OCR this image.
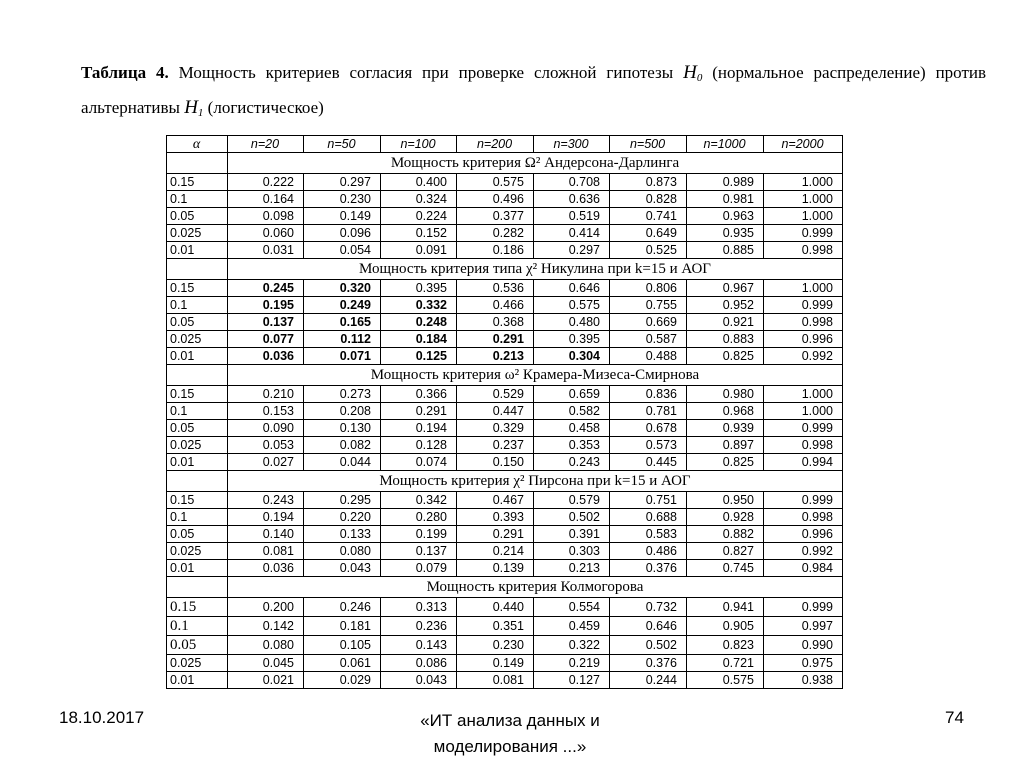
Таблица 4. Мощность критериев согласия при проверке сложной гипотезы $H_0$ (нормальное распределение) против альтернативы $H_1$ (логистическое)
α	n=20	n=50	n=100	n=200	n=300	n=500	n=1000	n=2000
	Мощность критерия Ω² Андерсона-Дарлинга							
0.15	0.222	0.297	0.400	0.575	0.708	0.873	0.989	1.000
0.1	0.164	0.230	0.324	0.496	0.636	0.828	0.981	1.000
0.05	0.098	0.149	0.224	0.377	0.519	0.741	0.963	1.000
0.025	0.060	0.096	0.152	0.282	0.414	0.649	0.935	0.999
0.01	0.031	0.054	0.091	0.186	0.297	0.525	0.885	0.998
	Мощность критерия типа χ² Никулина при k=15 и АОГ							
0.15	0.245	0.320	0.395	0.536	0.646	0.806	0.967	1.000
0.1	0.195	0.249	0.332	0.466	0.575	0.755	0.952	0.999
0.05	0.137	0.165	0.248	0.368	0.480	0.669	0.921	0.998
0.025	0.077	0.112	0.184	0.291	0.395	0.587	0.883	0.996
0.01	0.036	0.071	0.125	0.213	0.304	0.488	0.825	0.992
	Мощность критерия ω² Крамера-Мизеса-Смирнова							
0.15	0.210	0.273	0.366	0.529	0.659	0.836	0.980	1.000
0.1	0.153	0.208	0.291	0.447	0.582	0.781	0.968	1.000
0.05	0.090	0.130	0.194	0.329	0.458	0.678	0.939	0.999
0.025	0.053	0.082	0.128	0.237	0.353	0.573	0.897	0.998
0.01	0.027	0.044	0.074	0.150	0.243	0.445	0.825	0.994
	Мощность критерия χ² Пирсона при k=15 и АОГ							
0.15	0.243	0.295	0.342	0.467	0.579	0.751	0.950	0.999
0.1	0.194	0.220	0.280	0.393	0.502	0.688	0.928	0.998
0.05	0.140	0.133	0.199	0.291	0.391	0.583	0.882	0.996
0.025	0.081	0.080	0.137	0.214	0.303	0.486	0.827	0.992
0.01	0.036	0.043	0.079	0.139	0.213	0.376	0.745	0.984
	Мощность критерия Колмогорова							
0.15	0.200	0.246	0.313	0.440	0.554	0.732	0.941	0.999
0.1	0.142	0.181	0.236	0.351	0.459	0.646	0.905	0.997
0.05	0.080	0.105	0.143	0.230	0.322	0.502	0.823	0.990
0.025	0.045	0.061	0.086	0.149	0.219	0.376	0.721	0.975
0.01	0.021	0.029	0.043	0.081	0.127	0.244	0.575	0.938
18.10.2017	«ИТ анализа данных и
моделирования ...»
74
